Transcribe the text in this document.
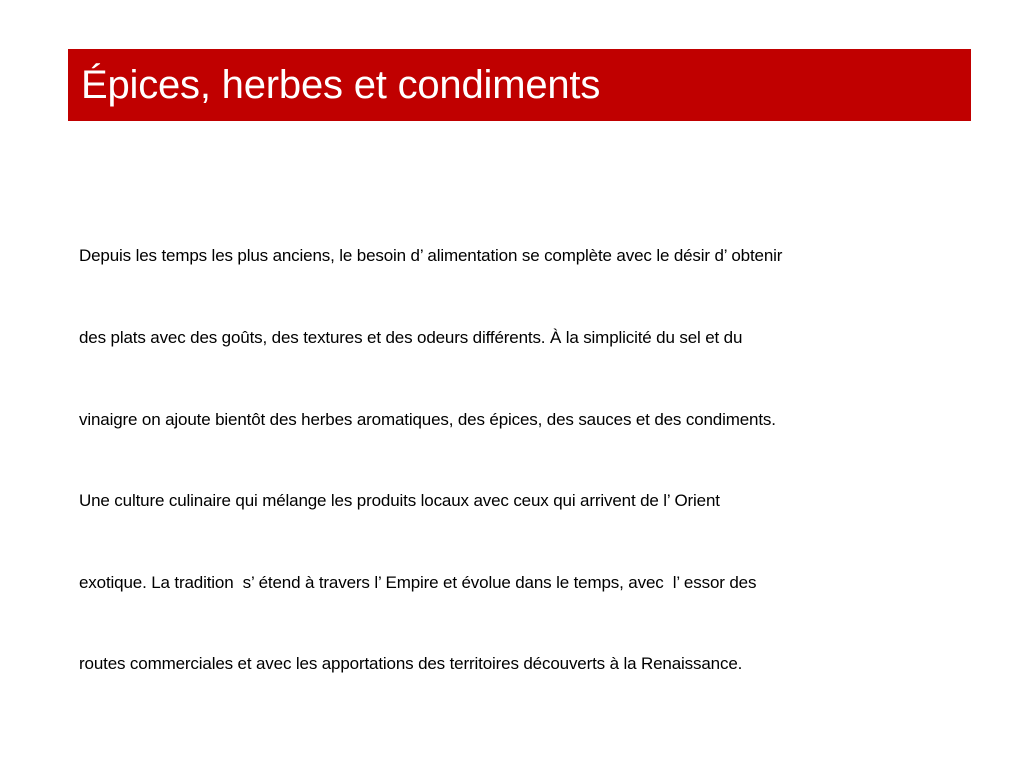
Épices, herbes et condiments

Depuis les temps les plus anciens, le besoin d’ alimentation se complète avec le désir d’ obtenir

des plats avec des goûts, des textures et des odeurs différents. À la simplicité du sel et du

vinaigre on ajoute bientôt des herbes aromatiques, des épices, des sauces et des condiments.

Une culture culinaire qui mélange les produits locaux avec ceux qui arrivent de l’ Orient

exotique. La tradition  s’ étend à travers l’ Empire et évolue dans le temps, avec  l’ essor des

routes commerciales et avec les apportations des territoires découverts à la Renaissance.
